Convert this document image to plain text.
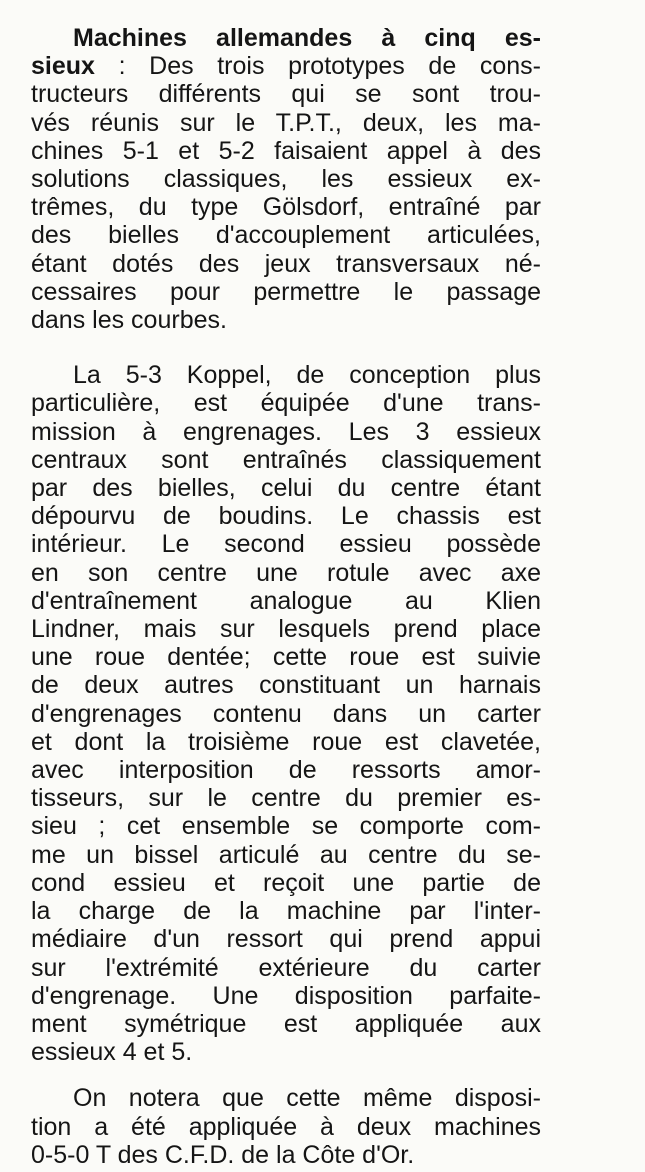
Machines allemandes à cinq es-
sieux : Des trois prototypes de cons-
tructeurs différents qui se sont trou-
vés réunis sur le T.P.T., deux, les ma-
chines 5-1 et 5-2 faisaient appel à des
solutions classiques, les essieux ex-
trêmes, du type Gölsdorf, entraîné par
des bielles d'accouplement articulées,
étant dotés des jeux transversaux né-
cessaires pour permettre le passage
dans les courbes.

La 5-3 Koppel, de conception plus
particulière, est équipée d'une trans-
mission à engrenages. Les 3 essieux
centraux sont entraînés classiquement
par des bielles, celui du centre étant
dépourvu de boudins. Le chassis est
intérieur. Le second essieu possède
en son centre une rotule avec axe
d'entraînement analogue au Klien
Lindner, mais sur lesquels prend place
une roue dentée; cette roue est suivie
de deux autres constituant un harnais
d'engrenages contenu dans un carter
et dont la troisième roue est clavetée,
avec interposition de ressorts amor-
tisseurs, sur le centre du premier es-
sieu ; cet ensemble se comporte com-
me un bissel articulé au centre du se-
cond essieu et reçoit une partie de
la charge de la machine par l'inter-
médiaire d'un ressort qui prend appui
sur l'extrémité extérieure du carter
d'engrenage. Une disposition parfaite-
ment symétrique est appliquée aux
essieux 4 et 5.

On notera que cette même disposi-
tion a été appliquée à deux machines
0-5-0 T des C.F.D. de la Côte d'Or.
